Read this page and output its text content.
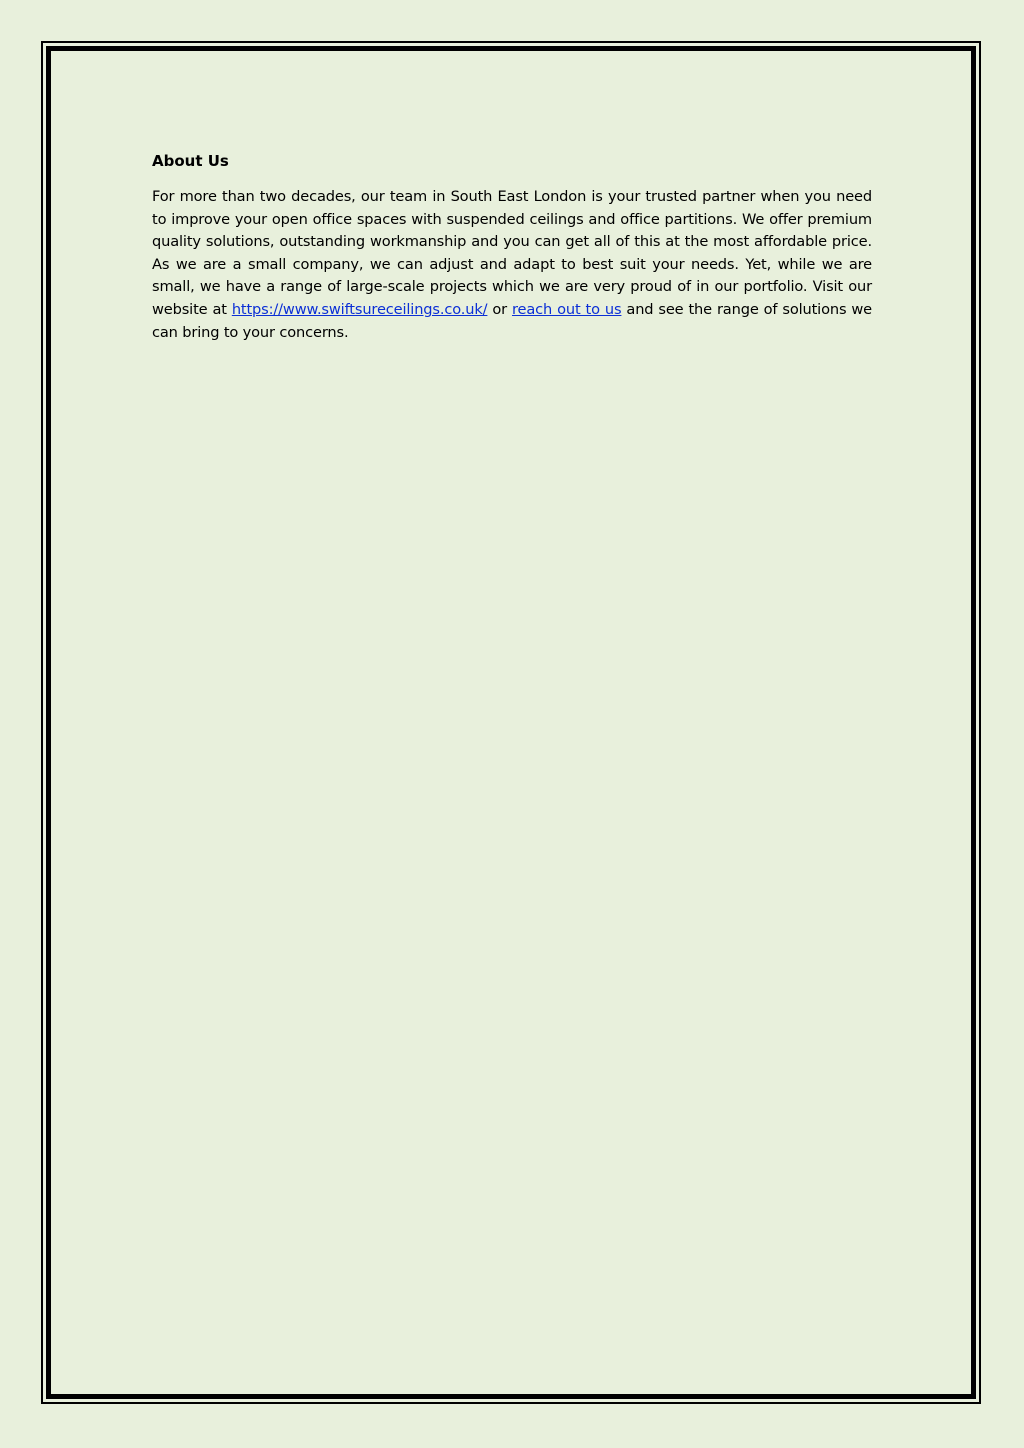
About Us

For more than two decades, our team in South East London is your trusted partner when you need to improve your open office spaces with suspended ceilings and office partitions. We offer premium quality solutions, outstanding workmanship and you can get all of this at the most affordable price. As we are a small company, we can adjust and adapt to best suit your needs. Yet, while we are small, we have a range of large-scale projects which we are very proud of in our portfolio. Visit our website at https://www.swiftsureceilings.co.uk/ or reach out to us and see the range of solutions we can bring to your concerns.
